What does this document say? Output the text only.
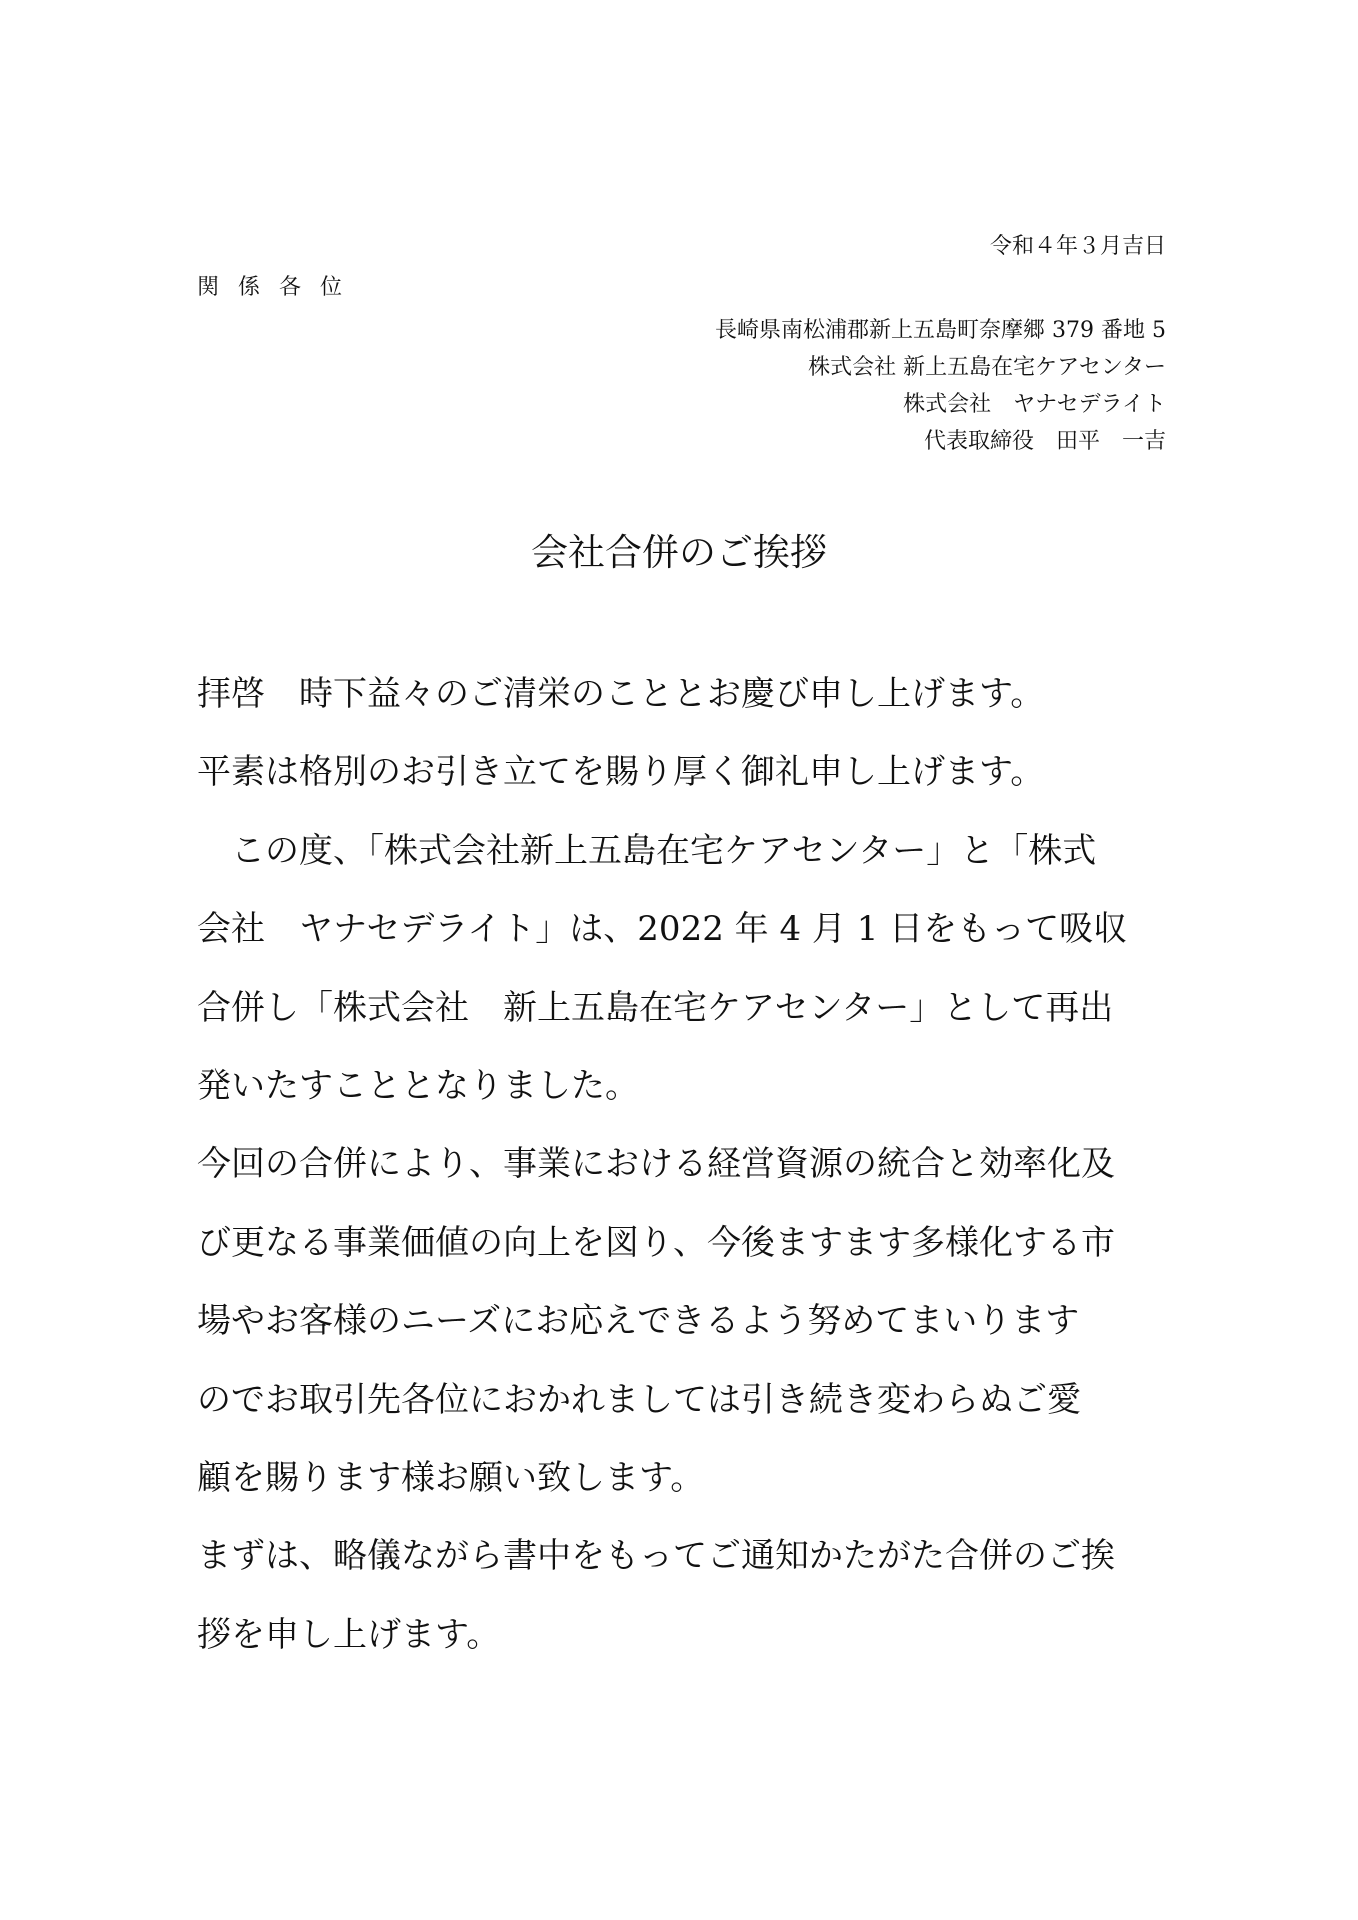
令和４年３月吉日
関係各位
長崎県南松浦郡新上五島町奈摩郷 379 番地 5
株式会社 新上五島在宅ケアセンター
株式会社　ヤナセデライト
代表取締役　田平　一吉
会社合併のご挨拶
拝啓　時下益々のご清栄のこととお慶び申し上げます。
平素は格別のお引き立てを賜り厚く御礼申し上げます。
　この度、「株式会社新上五島在宅ケアセンター」と「株式
会社　ヤナセデライト」は、2022 年 4 月 1 日をもって吸収
合併し「株式会社　新上五島在宅ケアセンター」として再出
発いたすこととなりました。
今回の合併により、事業における経営資源の統合と効率化及
び更なる事業価値の向上を図り、今後ますます多様化する市
場やお客様のニーズにお応えできるよう努めてまいります
のでお取引先各位におかれましては引き続き変わらぬご愛
顧を賜ります様お願い致します。
まずは、略儀ながら書中をもってご通知かたがた合併のご挨
拶を申し上げます。
